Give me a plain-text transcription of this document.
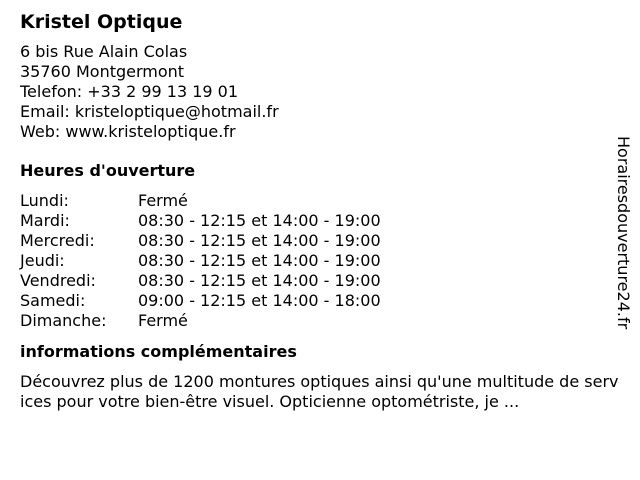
Kristel Optique
6 bis Rue Alain Colas
35760 Montgermont
Telefon: +33 2 99 13 19 01
Email: kristeloptique@hotmail.fr
Web: www.kristeloptique.fr
Heures d'ouverture
Lundi:	Fermé
Mardi:	08:30 - 12:15 et 14:00 - 19:00
Mercredi:	08:30 - 12:15 et 14:00 - 19:00
Jeudi:	08:30 - 12:15 et 14:00 - 19:00
Vendredi:	08:30 - 12:15 et 14:00 - 19:00
Samedi:	09:00 - 12:15 et 14:00 - 18:00
Dimanche:	Fermé
informations complémentaires
Découvrez plus de 1200 montures optiques ainsi qu'une multitude de services pour votre bien-être visuel. Opticienne optométriste, je ...
Horairesdouverture24.fr
